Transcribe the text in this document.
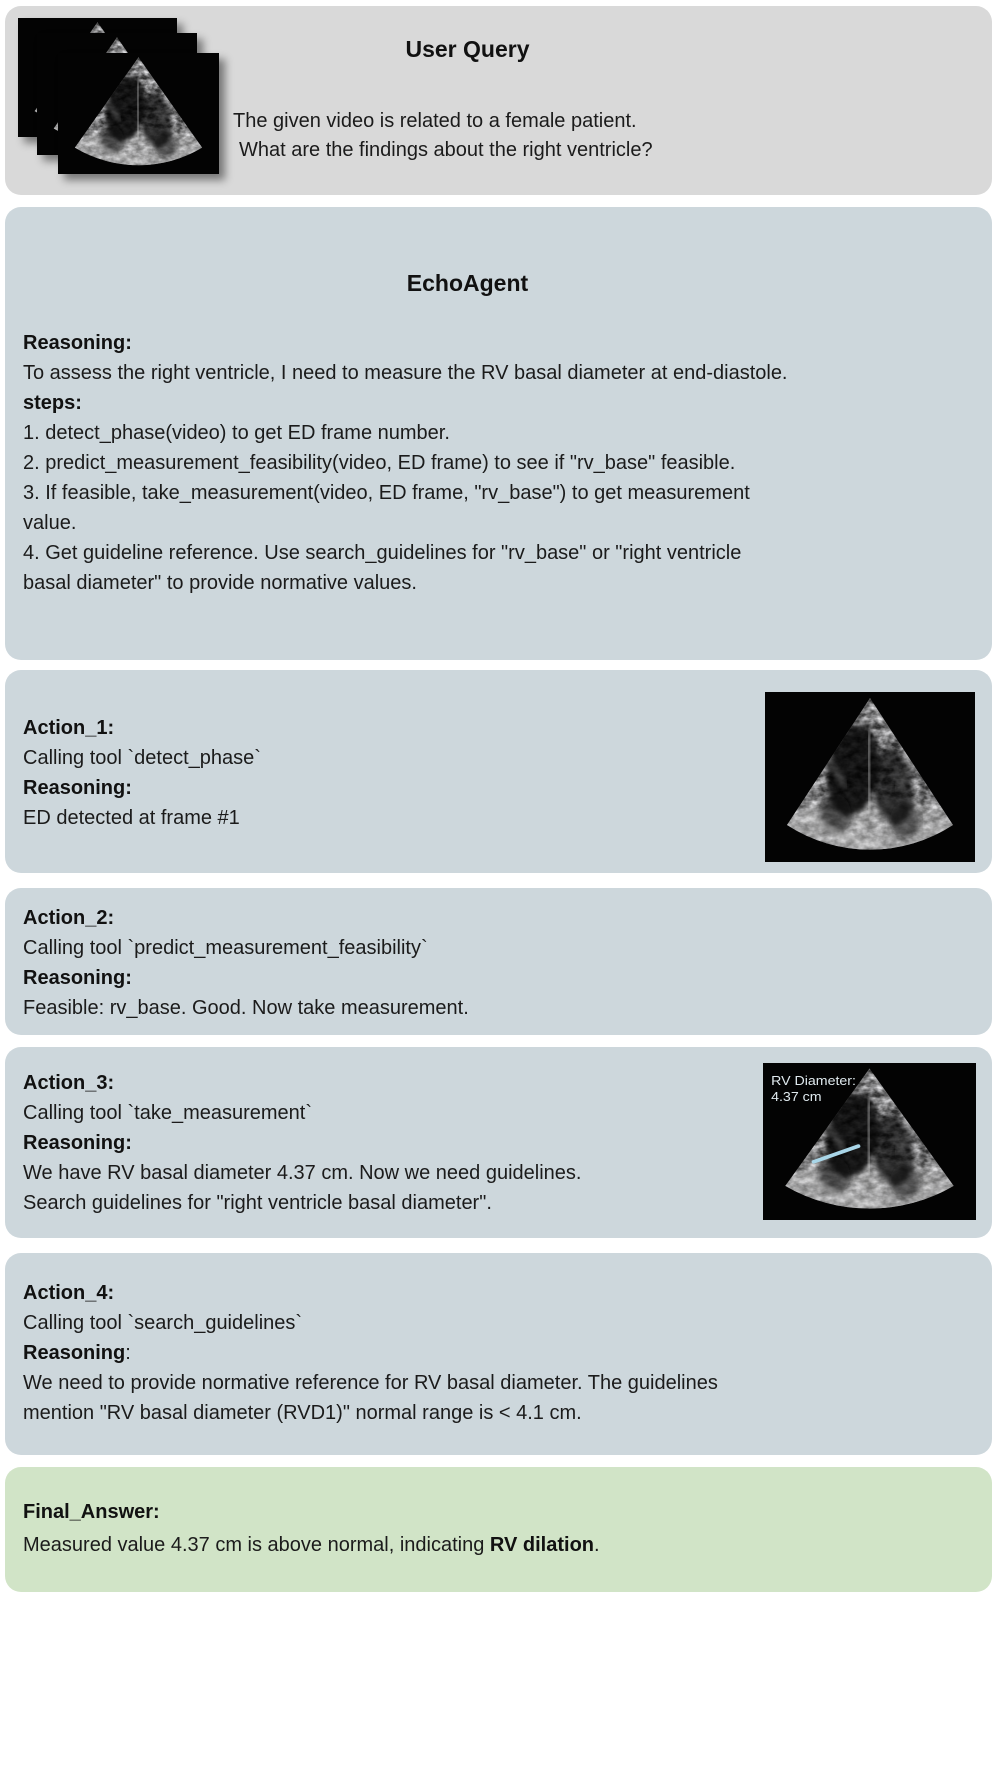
User Query
The given video is related to a female patient.
What are the findings about the right ventricle?
EchoAgent
Reasoning:
To assess the right ventricle, I need to measure the RV basal diameter at end-diastole.
steps:
1. detect_phase(video) to get ED frame number.
2. predict_measurement_feasibility(video, ED frame) to see if "rv_base" feasible.
3. If feasible, take_measurement(video, ED frame, "rv_base") to get measurement
value.
4. Get guideline reference. Use search_guidelines for "rv_base" or "right ventricle
basal diameter" to provide normative values.
Action_1:
Calling tool `detect_phase`
Reasoning:
ED detected at frame #1
Action_2:
Calling tool `predict_measurement_feasibility`
Reasoning:
Feasible: rv_base. Good. Now take measurement.
Action_3:
Calling tool `take_measurement`
Reasoning:
We have RV basal diameter 4.37 cm. Now we need guidelines.
Search guidelines for "right ventricle basal diameter".
RV Diameter:
4.37 cm
Action_4:
Calling tool `search_guidelines`
Reasoning:
We need to provide normative reference for RV basal diameter. The guidelines
mention "RV basal diameter (RVD1)" normal range is < 4.1 cm.
Final_Answer:
Measured value 4.37 cm is above normal, indicating RV dilation.
